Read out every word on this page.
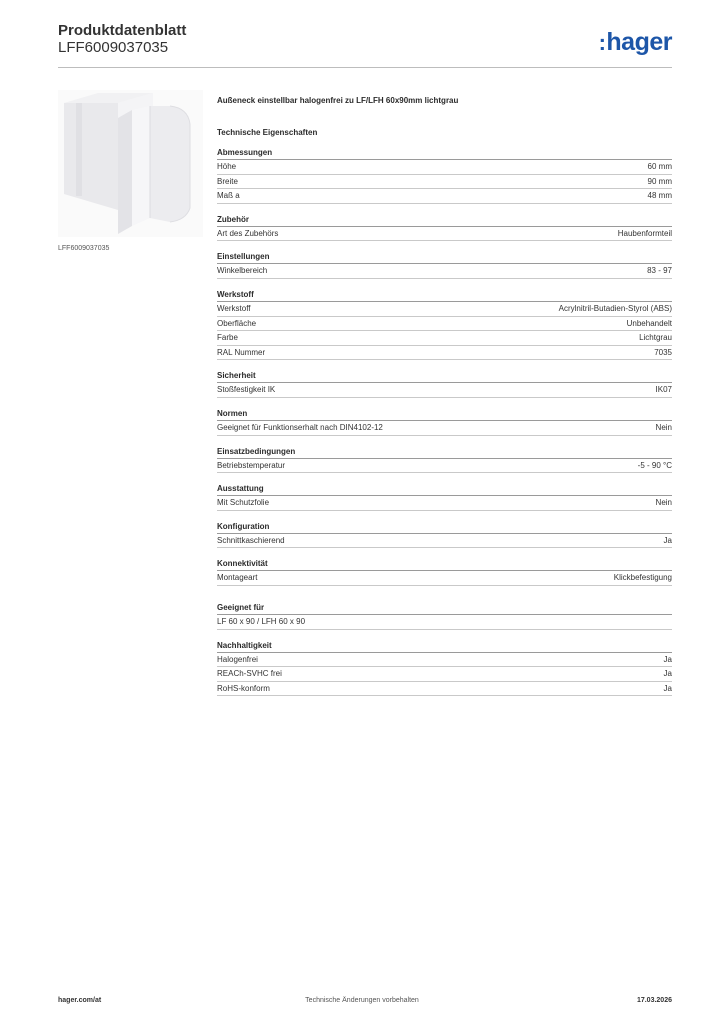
Produktdatenblatt
LFF6009037035	:hager
LFF6009037035
Außeneck einstellbar halogenfrei zu LF/LFH 60x90mm lichtgrau
Technische Eigenschaften
Abmessungen
Höhe	60 mm
Breite	90 mm
Maß a	48 mm
Zubehör
Art des Zubehörs	Haubenformteil
Einstellungen
Winkelbereich	83 - 97
Werkstoff
Werkstoff	Acrylnitril-Butadien-Styrol (ABS)
Oberfläche	Unbehandelt
Farbe	Lichtgrau
RAL Nummer	7035
Sicherheit
Stoßfestigkeit IK	IK07
Normen
Geeignet für Funktionserhalt nach DIN4102-12	Nein
Einsatzbedingungen
Betriebstemperatur	-5 - 90 °C
Ausstattung
Mit Schutzfolie	Nein
Konfiguration
Schnittkaschierend	Ja
Konnektivität
Montageart	Klickbefestigung
Geeignet für
LF 60 x 90 / LFH 60 x 90
Nachhaltigkeit
Halogenfrei	Ja
REACh-SVHC frei	Ja
RoHS-konform	Ja
hager.com/at	Technische Änderungen vorbehalten	17.03.2026
